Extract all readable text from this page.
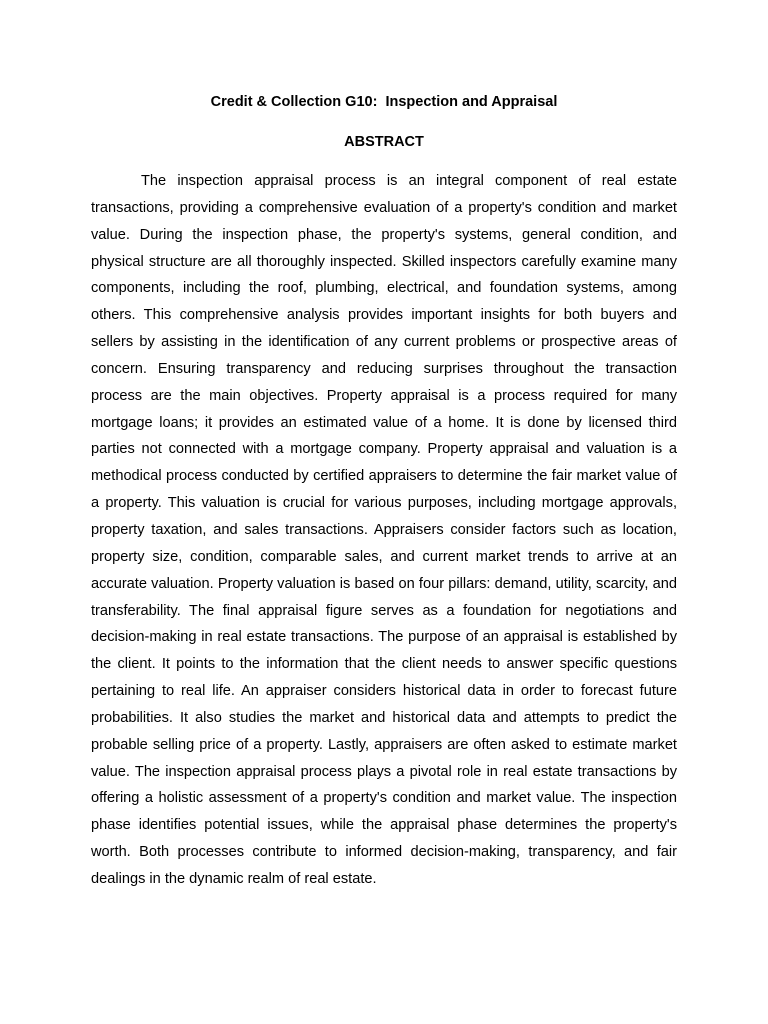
Credit & Collection G10:  Inspection and Appraisal
ABSTRACT

The inspection appraisal process is an integral component of real estate transactions, providing a comprehensive evaluation of a property's condition and market value. During the inspection phase, the property's systems, general condition, and physical structure are all thoroughly inspected. Skilled inspectors carefully examine many components, including the roof, plumbing, electrical, and foundation systems, among others. This comprehensive analysis provides important insights for both buyers and sellers by assisting in the identification of any current problems or prospective areas of concern. Ensuring transparency and reducing surprises throughout the transaction process are the main objectives. Property appraisal is a process required for many mortgage loans; it provides an estimated value of a home. It is done by licensed third parties not connected with a mortgage company. Property appraisal and valuation is a methodical process conducted by certified appraisers to determine the fair market value of a property. This valuation is crucial for various purposes, including mortgage approvals, property taxation, and sales transactions. Appraisers consider factors such as location, property size, condition, comparable sales, and current market trends to arrive at an accurate valuation. Property valuation is based on four pillars: demand, utility, scarcity, and transferability. The final appraisal figure serves as a foundation for negotiations and decision-making in real estate transactions. The purpose of an appraisal is established by the client. It points to the information that the client needs to answer specific questions pertaining to real life. An appraiser considers historical data in order to forecast future probabilities. It also studies the market and historical data and attempts to predict the probable selling price of a property. Lastly, appraisers are often asked to estimate market value. The inspection appraisal process plays a pivotal role in real estate transactions by offering a holistic assessment of a property's condition and market value. The inspection phase identifies potential issues, while the appraisal phase determines the property's worth. Both processes contribute to informed decision-making, transparency, and fair dealings in the dynamic realm of real estate.
